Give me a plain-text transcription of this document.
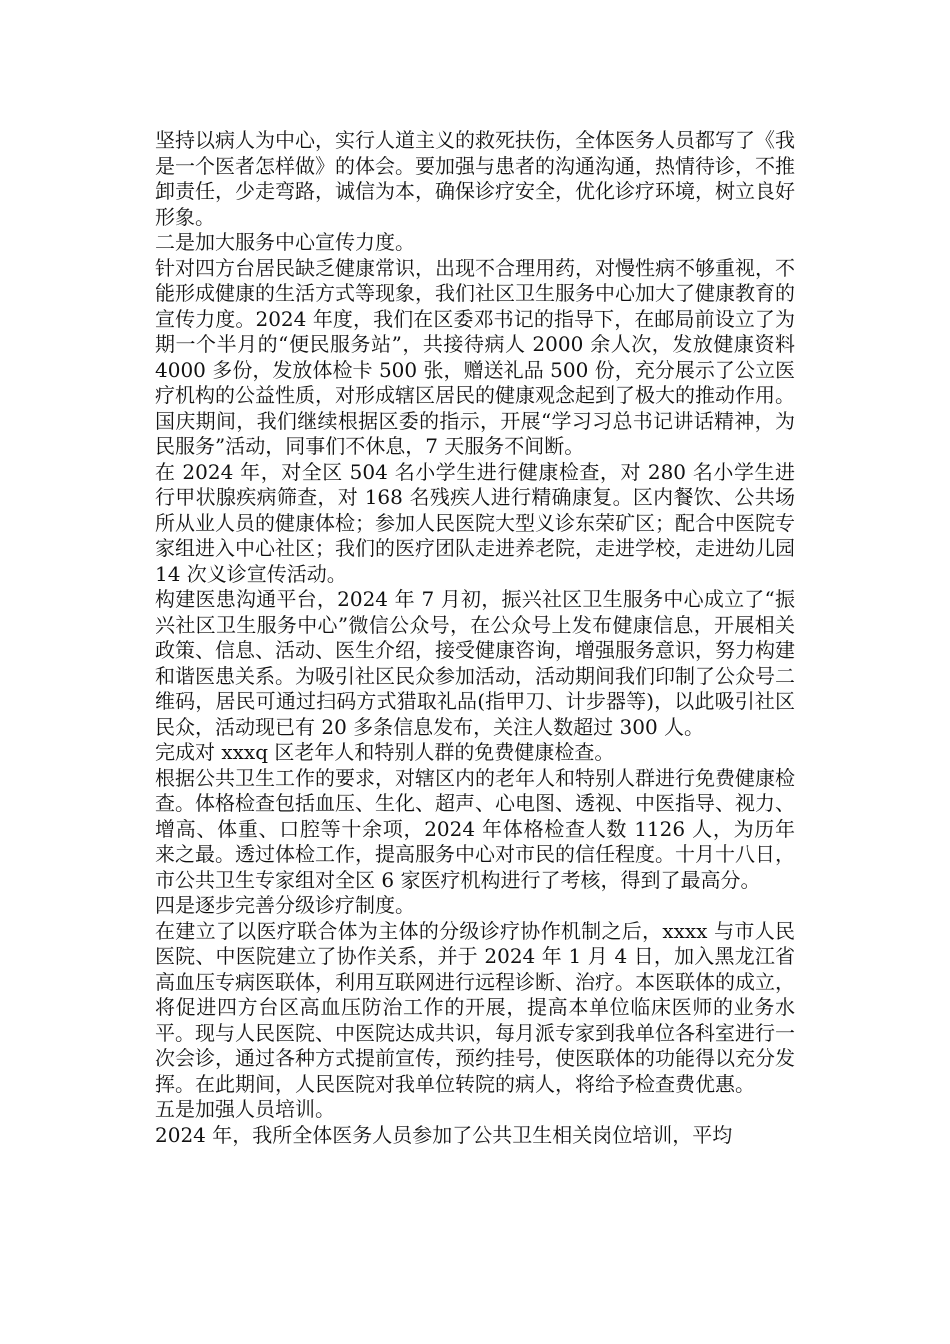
坚持以病人为中心，实行人道主义的救死扶伤，全体医务人员都写了《我是一个医者怎样做》的体会。要加强与患者的沟通沟通，热情待诊，不推卸责任，少走弯路，诚信为本，确保诊疗安全，优化诊疗环境，树立良好形象。

二是加大服务中心宣传力度。

针对四方台居民缺乏健康常识，出现不合理用药，对慢性病不够重视，不能形成健康的生活方式等现象，我们社区卫生服务中心加大了健康教育的宣传力度。2024 年度，我们在区委邓书记的指导下，在邮局前设立了为期一个半月的“便民服务站”，共接待病人 2000 余人次，发放健康资料 4000 多份，发放体检卡 500 张，赠送礼品 500 份，充分展示了公立医疗机构的公益性质，对形成辖区居民的健康观念起到了极大的推动作用。国庆期间，我们继续根据区委的指示，开展“学习习总书记讲话精神，为民服务”活动，同事们不休息，7 天服务不间断。

在 2024 年，对全区 504 名小学生进行健康检查，对 280 名小学生进行甲状腺疾病筛查，对 168 名残疾人进行精确康复。区内餐饮、公共场所从业人员的健康体检；参加人民医院大型义诊东荣矿区；配合中医院专家组进入中心社区；我们的医疗团队走进养老院，走进学校，走进幼儿园 14 次义诊宣传活动。

构建医患沟通平台，2024 年 7 月初，振兴社区卫生服务中心成立了“振兴社区卫生服务中心”微信公众号，在公众号上发布健康信息，开展相关政策、信息、活动、医生介绍，接受健康咨询，增强服务意识，努力构建和谐医患关系。为吸引社区民众参加活动，活动期间我们印制了公众号二维码，居民可通过扫码方式猎取礼品(指甲刀、计步器等)，以此吸引社区民众，活动现已有 20 多条信息发布，关注人数超过 300 人。

完成对 xxxq 区老年人和特别人群的免费健康检查。

根据公共卫生工作的要求，对辖区内的老年人和特别人群进行免费健康检查。体格检查包括血压、生化、超声、心电图、透视、中医指导、视力、增高、体重、口腔等十余项，2024 年体格检查人数 1126 人，为历年来之最。透过体检工作，提高服务中心对市民的信任程度。十月十八日，市公共卫生专家组对全区 6 家医疗机构进行了考核，得到了最高分。

四是逐步完善分级诊疗制度。

在建立了以医疗联合体为主体的分级诊疗协作机制之后，xxxx 与市人民医院、中医院建立了协作关系，并于 2024 年 1 月 4 日，加入黑龙江省高血压专病医联体，利用互联网进行远程诊断、治疗。本医联体的成立，将促进四方台区高血压防治工作的开展，提高本单位临床医师的业务水平。现与人民医院、中医院达成共识，每月派专家到我单位各科室进行一次会诊，通过各种方式提前宣传，预约挂号，使医联体的功能得以充分发挥。在此期间，人民医院对我单位转院的病人，将给予检查费优惠。

五是加强人员培训。

2024 年，我所全体医务人员参加了公共卫生相关岗位培训，平均
